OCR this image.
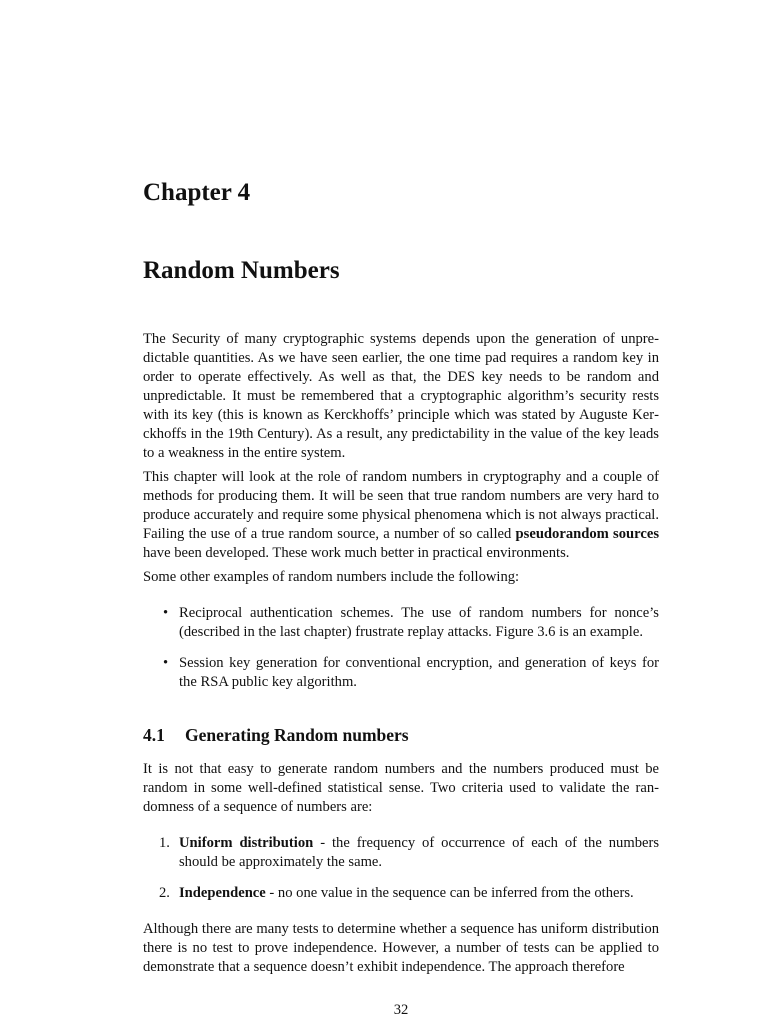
Chapter 4
Random Numbers

The Security of many cryptographic systems depends upon the generation of unpredictable quantities. As we have seen earlier, the one time pad requires a random key in order to operate effectively. As well as that, the DES key needs to be random and unpredictable. It must be remembered that a cryptographic algorithm’s security rests with its key (this is known as Kerckhoffs’ principle which was stated by Auguste Kerckhoffs in the 19th Century). As a result, any predictability in the value of the key leads to a weakness in the entire system.

This chapter will look at the role of random numbers in cryptography and a couple of methods for producing them. It will be seen that true random numbers are very hard to produce accurately and require some physical phenomena which is not always practical. Failing the use of a true random source, a number of so called pseudorandom sources have been developed. These work much better in practical environments.

Some other examples of random numbers include the following:

• Reciprocal authentication schemes. The use of random numbers for nonce’s (described in the last chapter) frustrate replay attacks. Figure 3.6 is an example.
• Session key generation for conventional encryption, and generation of keys for the RSA public key algorithm.
4.1 Generating Random numbers

It is not that easy to generate random numbers and the numbers produced must be random in some well-defined statistical sense. Two criteria used to validate the randomness of a sequence of numbers are:

1. Uniform distribution - the frequency of occurrence of each of the numbers should be approximately the same.
2. Independence - no one value in the sequence can be inferred from the others.

Although there are many tests to determine whether a sequence has uniform distribution there is no test to prove independence. However, a number of tests can be applied to demonstrate that a sequence doesn’t exhibit independence. The approach therefore

32
